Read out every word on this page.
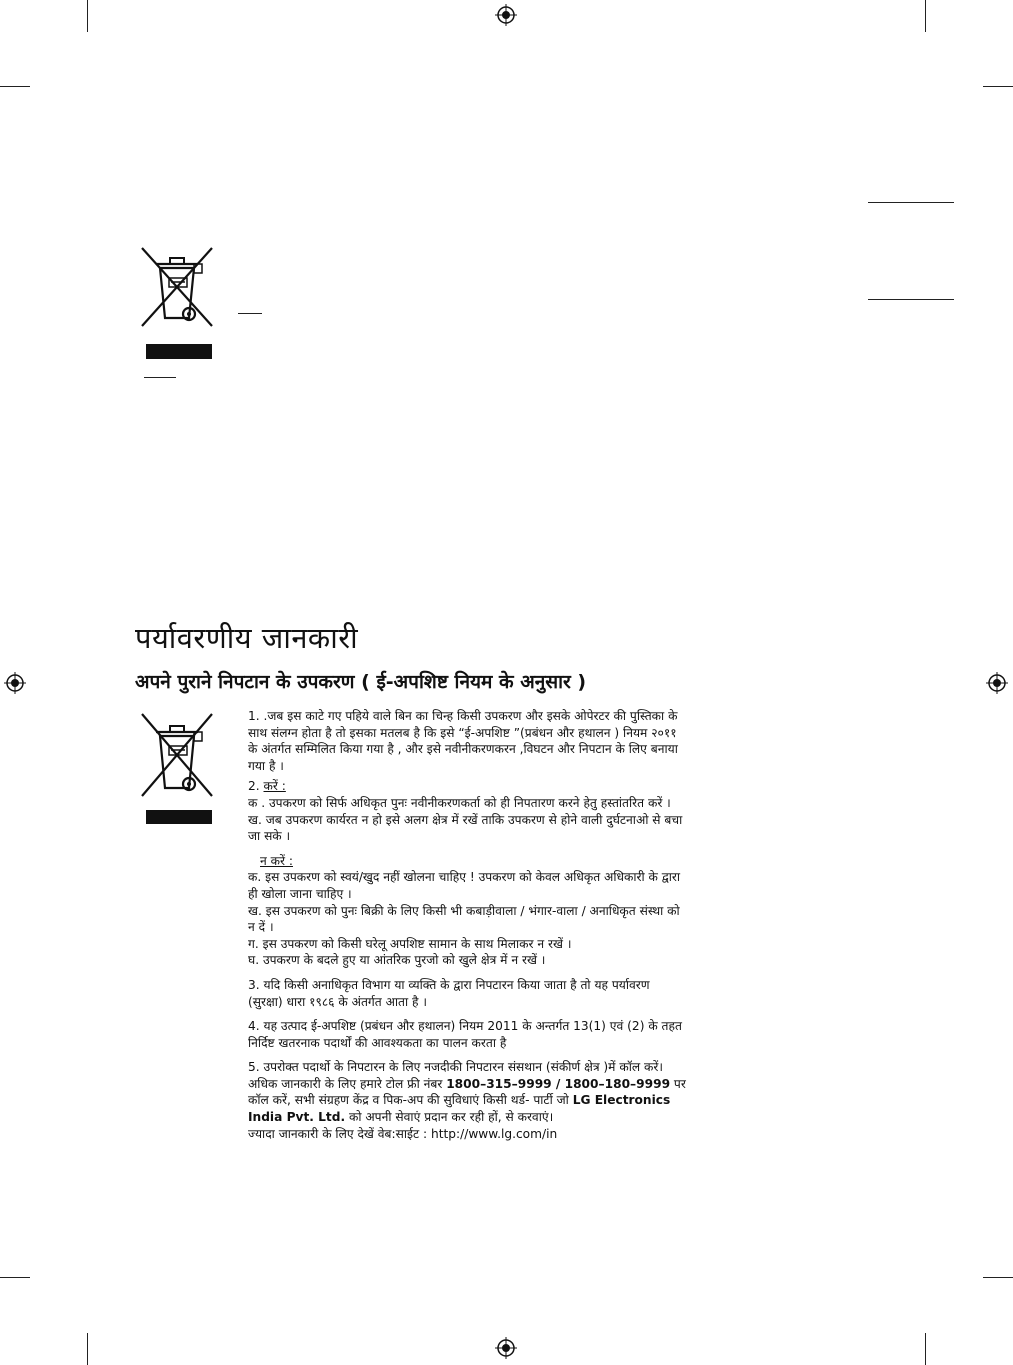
पर्यावरणीय जानकारी
अपने पुराने निपटान के उपकरण ( ई-अपशिष्ट नियम के अनुसार )

1. .जब इस काटे गए पहिये वाले बिन का चिन्ह किसी उपकरण और इसके ओपेरटर की पुस्तिका के साथ संलग्न होता है तो इसका मतलब है कि इसे “ई-अपशिष्ट ”(प्रबंधन और हथालन ) नियम २०११ के अंतर्गत सम्मिलित किया गया है , और इसे नवीनीकरणकरन ,विघटन और निपटान के लिए बनाया गया है ।

2. करें :

क . उपकरण को सिर्फ अधिकृत पुनः नवीनीकरणकर्ता को ही निपतारण करने हेतु हस्तांतरित करें ।

ख. जब उपकरण कार्यरत न हो इसे अलग क्षेत्र में रखें ताकि उपकरण से होने वाली दुर्घटनाओ से बचा जा सके ।

न करें :

क. इस उपकरण को स्वयं/खुद नहीं खोलना चाहिए ! उपकरण को केवल अधिकृत अधिकारी के द्वारा ही खोला जाना चाहिए ।

ख. इस उपकरण को पुनः बिक्री के लिए किसी भी कबाड़ीवाला / भंगार-वाला / अनाधिकृत संस्था को न दें ।

ग. इस उपकरण को किसी घरेलू अपशिष्ट सामान के साथ मिलाकर न रखें ।

घ. उपकरण के बदले हुए या आंतरिक पुरजो को खुले क्षेत्र में न रखें ।

3. यदि किसी अनाधिकृत विभाग या व्यक्ति के द्वारा निपटारन किया जाता है तो यह पर्यावरण (सुरक्षा) धारा १९८६ के अंतर्गत आता है ।

4. यह उत्पाद ई-अपशिष्ट (प्रबंधन और हथालन) नियम 2011 के अन्तर्गत 13(1) एवं (2) के तहत निर्दिष्ट खतरनाक पदार्थों की आवश्यकता का पालन करता है

5. उपरोक्त पदार्थो के निपटारन के लिए नजदीकी निपटारन संसथान (संकीर्ण क्षेत्र )में कॉल करें। अधिक जानकारी के लिए हमारे टोल फ्री नंबर 1800–315–9999 / 1800–180–9999 पर कॉल करें, सभी संग्रहण केंद्र व पिक-अप की सुविधाएं किसी थर्ड- पार्टी जो LG Electronics India Pvt. Ltd. को अपनी सेवाएं प्रदान कर रही हों, से करवाएं।

ज्यादा जानकारी के लिए देखें वेब:साईट : http://www.lg.com/in
